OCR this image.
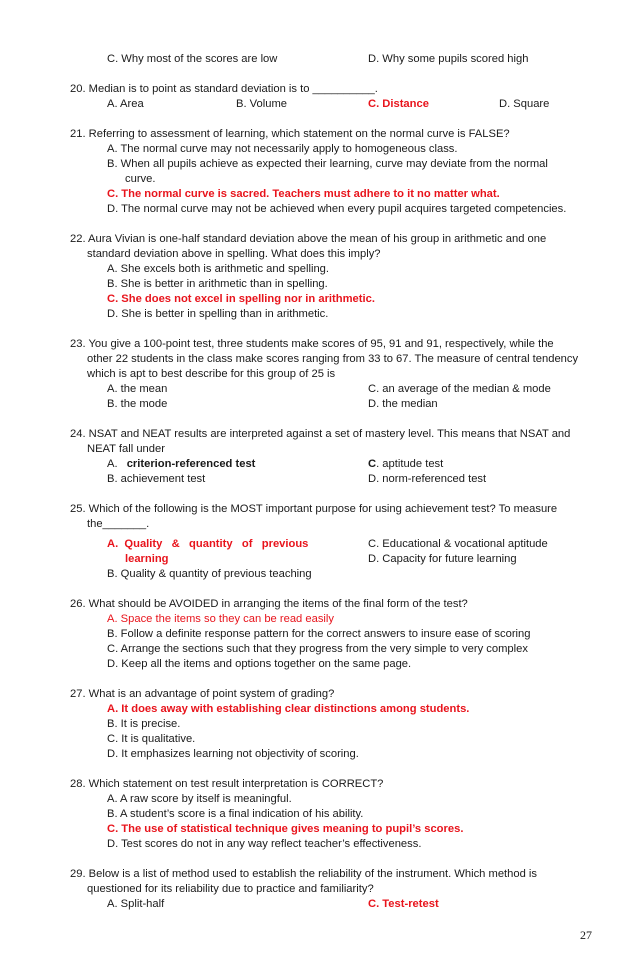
C. Why most of the scores are low	D. Why some pupils scored high
20. Median is to point as standard deviation is to __________.
A. Area	B. Volume	C. Distance	D. Square
21. Referring to assessment of learning, which statement on the normal curve is FALSE?
A. The normal curve may not necessarily apply to homogeneous class.
B. When all pupils achieve as expected their learning, curve may deviate from the normal
curve.
C. The normal curve is sacred. Teachers must adhere to it no matter what.
D. The normal curve may not be achieved when every pupil acquires targeted competencies.
22. Aura Vivian is one-half standard deviation above the mean of his group in arithmetic and one
standard deviation above in spelling. What does this imply?
A. She excels both is arithmetic and spelling.
B. She is better in arithmetic than in spelling.
C. She does not excel in spelling nor in arithmetic.
D. She is better in spelling than in arithmetic.
23. You give a 100-point test, three students make scores of 95, 91 and 91, respectively, while the
other 22 students in the class make scores ranging from 33 to 67. The measure of central tendency
which is apt to best describe for this group of 25 is
A. the mean	C. an average of the median & mode
B. the mode	D. the median
24. NSAT and NEAT results are interpreted against a set of mastery level. This means that NSAT and
NEAT fall under
A. criterion-referenced test	C. aptitude test
B. achievement test	D. norm-referenced test
25. Which of the following is the MOST important purpose for using achievement test? To measure
the_______.
A.  Quality   &   quantity   of   previous	C. Educational & vocational aptitude
learning	D. Capacity for future learning
B. Quality & quantity of previous teaching
26. What should be AVOIDED in arranging the items of the final form of the test?
A. Space the items so they can be read easily
B. Follow a definite response pattern for the correct answers to insure ease of scoring
C. Arrange the sections such that they progress from the very simple to very complex
D. Keep all the items and options together on the same page.
27. What is an advantage of point system of grading?
A. It does away with establishing clear distinctions among students.
B. It is precise.
C. It is qualitative.
D. It emphasizes learning not objectivity of scoring.
28. Which statement on test result interpretation is CORRECT?
A. A raw score by itself is meaningful.
B. A student’s score is a final indication of his ability.
C. The use of statistical technique gives meaning to pupil’s scores.
D. Test scores do not in any way reflect teacher’s effectiveness.
29. Below is a list of method used to establish the reliability of the instrument. Which method is
questioned for its reliability due to practice and familiarity?
A. Split-half	C. Test-retest
27
